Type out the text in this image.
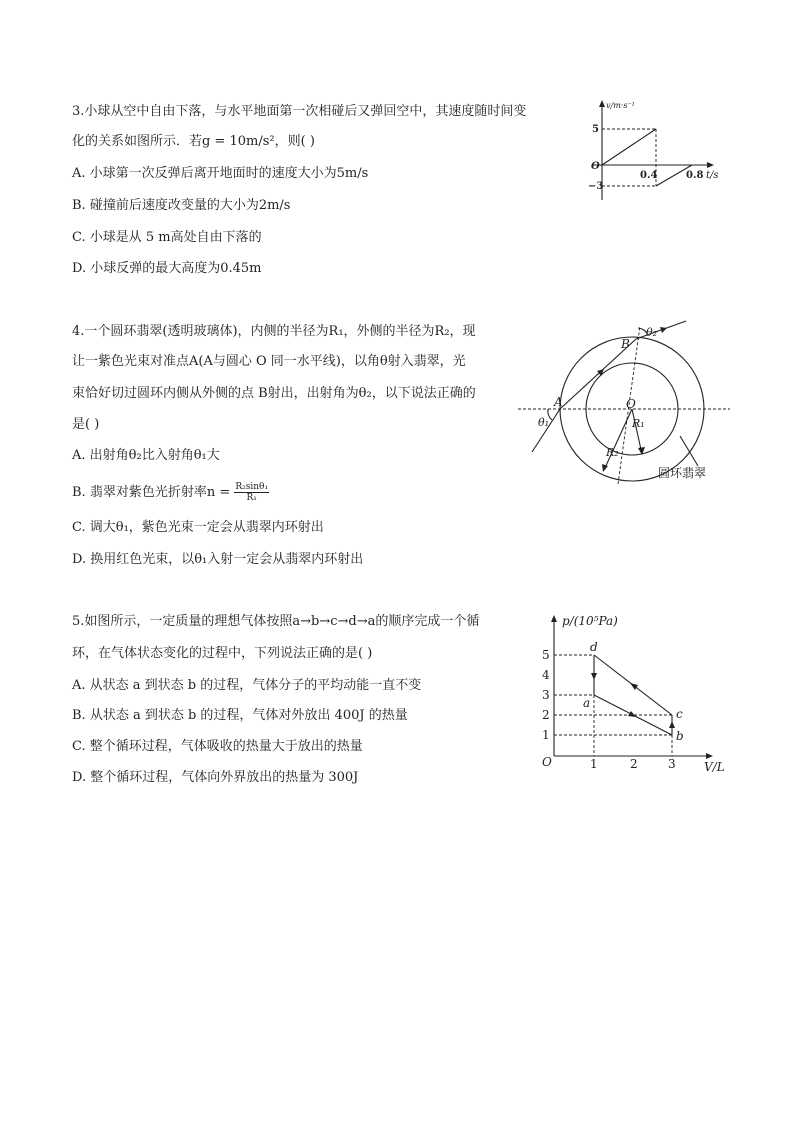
3.小球从空中自由下落，与水平地面第一次相碰后又弹回空中，其速度随时间变
化的关系如图所示．若g = 10m/s²，则( )
A. 小球第一次反弹后离开地面时的速度大小为5m/s
B. 碰撞前后速度改变量的大小为2m/s
C. 小球是从 5 m高处自由下落的
D. 小球反弹的最大高度为0.45m
v/m·s⁻¹
5
−3
O
0.4	0.8 t/s
4.一个圆环翡翠(透明玻璃体)，内侧的半径为R₁，外侧的半径为R₂，现
让一紫色光束对准点A(A与圆心 O 同一水平线)，以角θ射入翡翠，光
束恰好切过圆环内侧从外侧的点 B射出，出射角为θ₂，以下说法正确的
是( )
A. 出射角θ₂比入射角θ₁大
B. 翡翠对紫色光折射率$n = \frac{\text{R₂sinθ₁}}{\text{R₁}}$
C. 调大θ₁，紫色光束一定会从翡翠内环射出
D. 换用红色光束，以θ₁入射一定会从翡翠内环射出
A
B
O
θ₁
θ₂
R₁
R₂
圆环翡翠
5.如图所示，一定质量的理想气体按照a→b→c→d→a的顺序完成一个循
环，在气体状态变化的过程中，下列说法正确的是( )
A. 从状态 a 到状态 b 的过程，气体分子的平均动能一直不变
B. 从状态 a 到状态 b 的过程，气体对外放出 400J 的热量
C. 整个循环过程，气体吸收的热量大于放出的热量
D. 整个循环过程，气体向外界放出的热量为 300J
p/(10⁵Pa)
V/L
O
1
2
3
4
5
1	2	3
a
b
c
d
